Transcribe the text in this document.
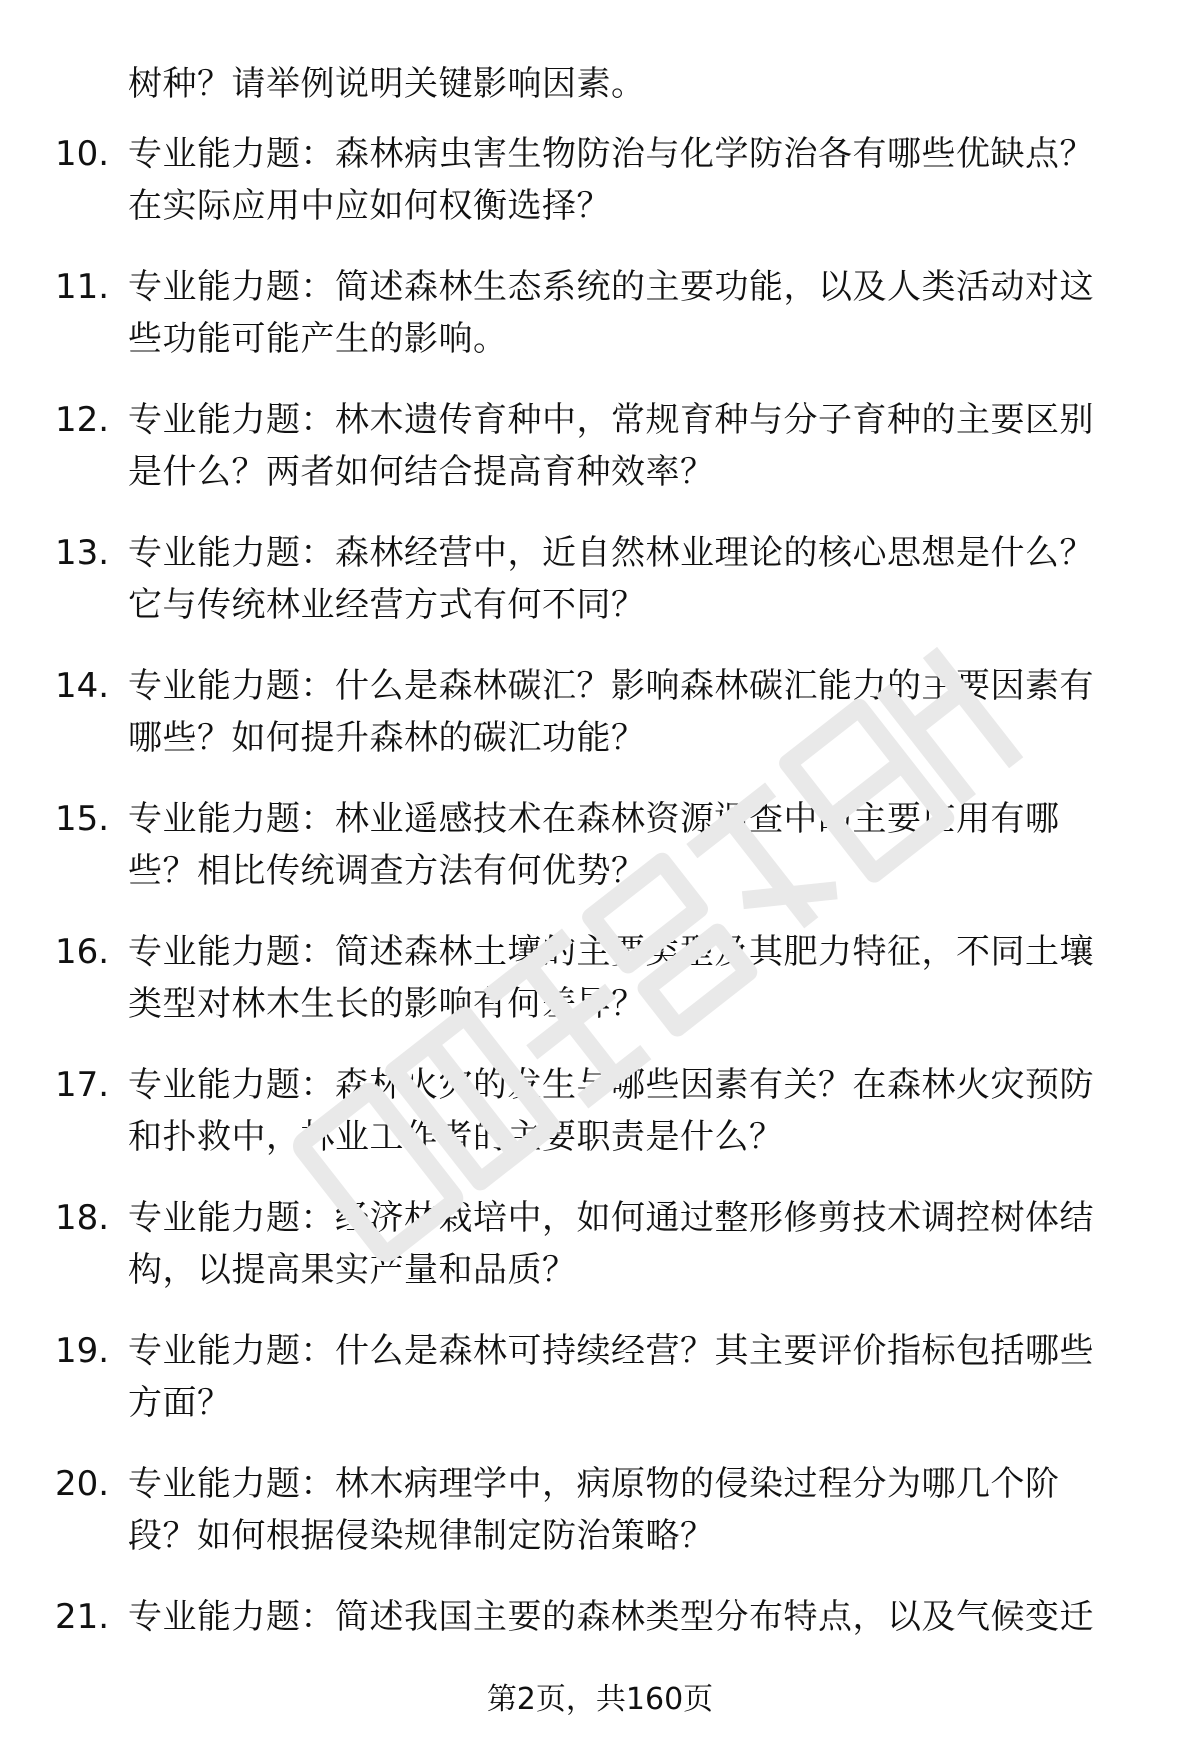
树种？请举例说明关键影响因素。
10. 专业能力题：森林病虫害生物防治与化学防治各有哪些优缺点？
在实际应用中应如何权衡选择？
11. 专业能力题：简述森林生态系统的主要功能，以及人类活动对这
些功能可能产生的影响。
12. 专业能力题：林木遗传育种中，常规育种与分子育种的主要区别
是什么？两者如何结合提高育种效率？
13. 专业能力题：森林经营中，近自然林业理论的核心思想是什么？
它与传统林业经营方式有何不同？
14. 专业能力题：什么是森林碳汇？影响森林碳汇能力的主要因素有
哪些？如何提升森林的碳汇功能？
15. 专业能力题：林业遥感技术在森林资源调查中的主要应用有哪
些？相比传统调查方法有何优势？
16. 专业能力题：简述森林土壤的主要类型及其肥力特征，不同土壤
类型对林木生长的影响有何差异？
17. 专业能力题：森林火灾的发生与哪些因素有关？在森林火灾预防
和扑救中，林业工作者的主要职责是什么？
18. 专业能力题：经济林栽培中，如何通过整形修剪技术调控树体结
构，以提高果实产量和品质？
19. 专业能力题：什么是森林可持续经营？其主要评价指标包括哪些
方面？
20. 专业能力题：林木病理学中，病原物的侵染过程分为哪几个阶
段？如何根据侵染规律制定防治策略？
21. 专业能力题：简述我国主要的森林类型分布特点，以及气候变迁
第2页，共160页
